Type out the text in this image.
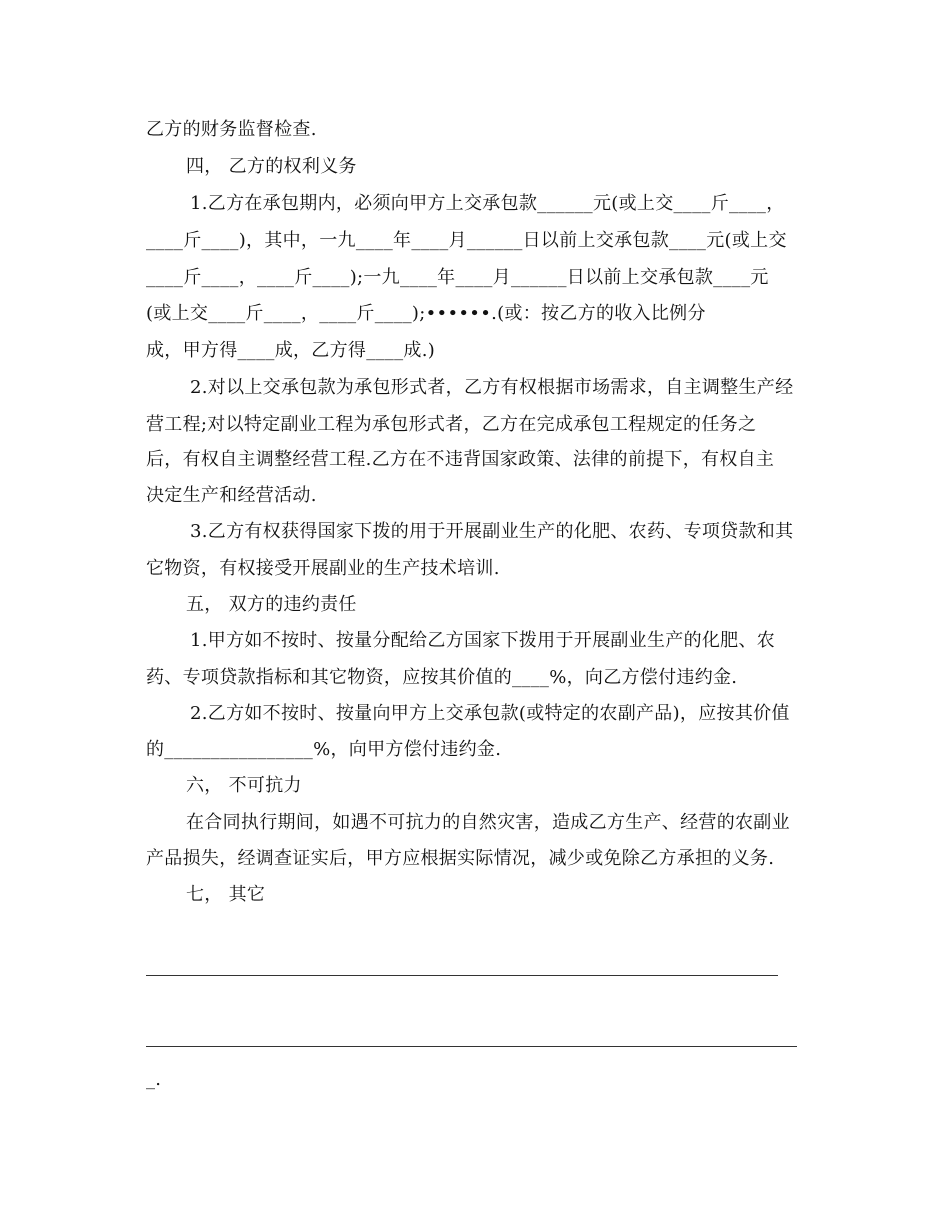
乙方的财务监督检查.
四， 乙方的权利义务
1.乙方在承包期内，必须向甲方上交承包款______元(或上交____斤____，
____斤____)，其中，一九____年____月______日以前上交承包款____元(或上交
____斤____，____斤____);一九____年____月______日以前上交承包款____元
(或上交____斤____，____斤____);••••••.(或：按乙方的收入比例分
成，甲方得____成，乙方得____成.)
2.对以上交承包款为承包形式者，乙方有权根据市场需求，自主调整生产经
营工程;对以特定副业工程为承包形式者，乙方在完成承包工程规定的任务之
后，有权自主调整经营工程.乙方在不违背国家政策、法律的前提下，有权自主
决定生产和经营活动.
3.乙方有权获得国家下拨的用于开展副业生产的化肥、农药、专项贷款和其
它物资，有权接受开展副业的生产技术培训.
五， 双方的违约责任
1.甲方如不按时、按量分配给乙方国家下拨用于开展副业生产的化肥、农
药、专项贷款指标和其它物资，应按其价值的____%，向乙方偿付违约金.
2.乙方如不按时、按量向甲方上交承包款(或特定的农副产品)，应按其价值
的________________%，向甲方偿付违约金.
六， 不可抗力
在合同执行期间，如遇不可抗力的自然灾害，造成乙方生产、经营的农副业
产品损失，经调查证实后，甲方应根据实际情况，减少或免除乙方承担的义务.
七， 其它
_.
